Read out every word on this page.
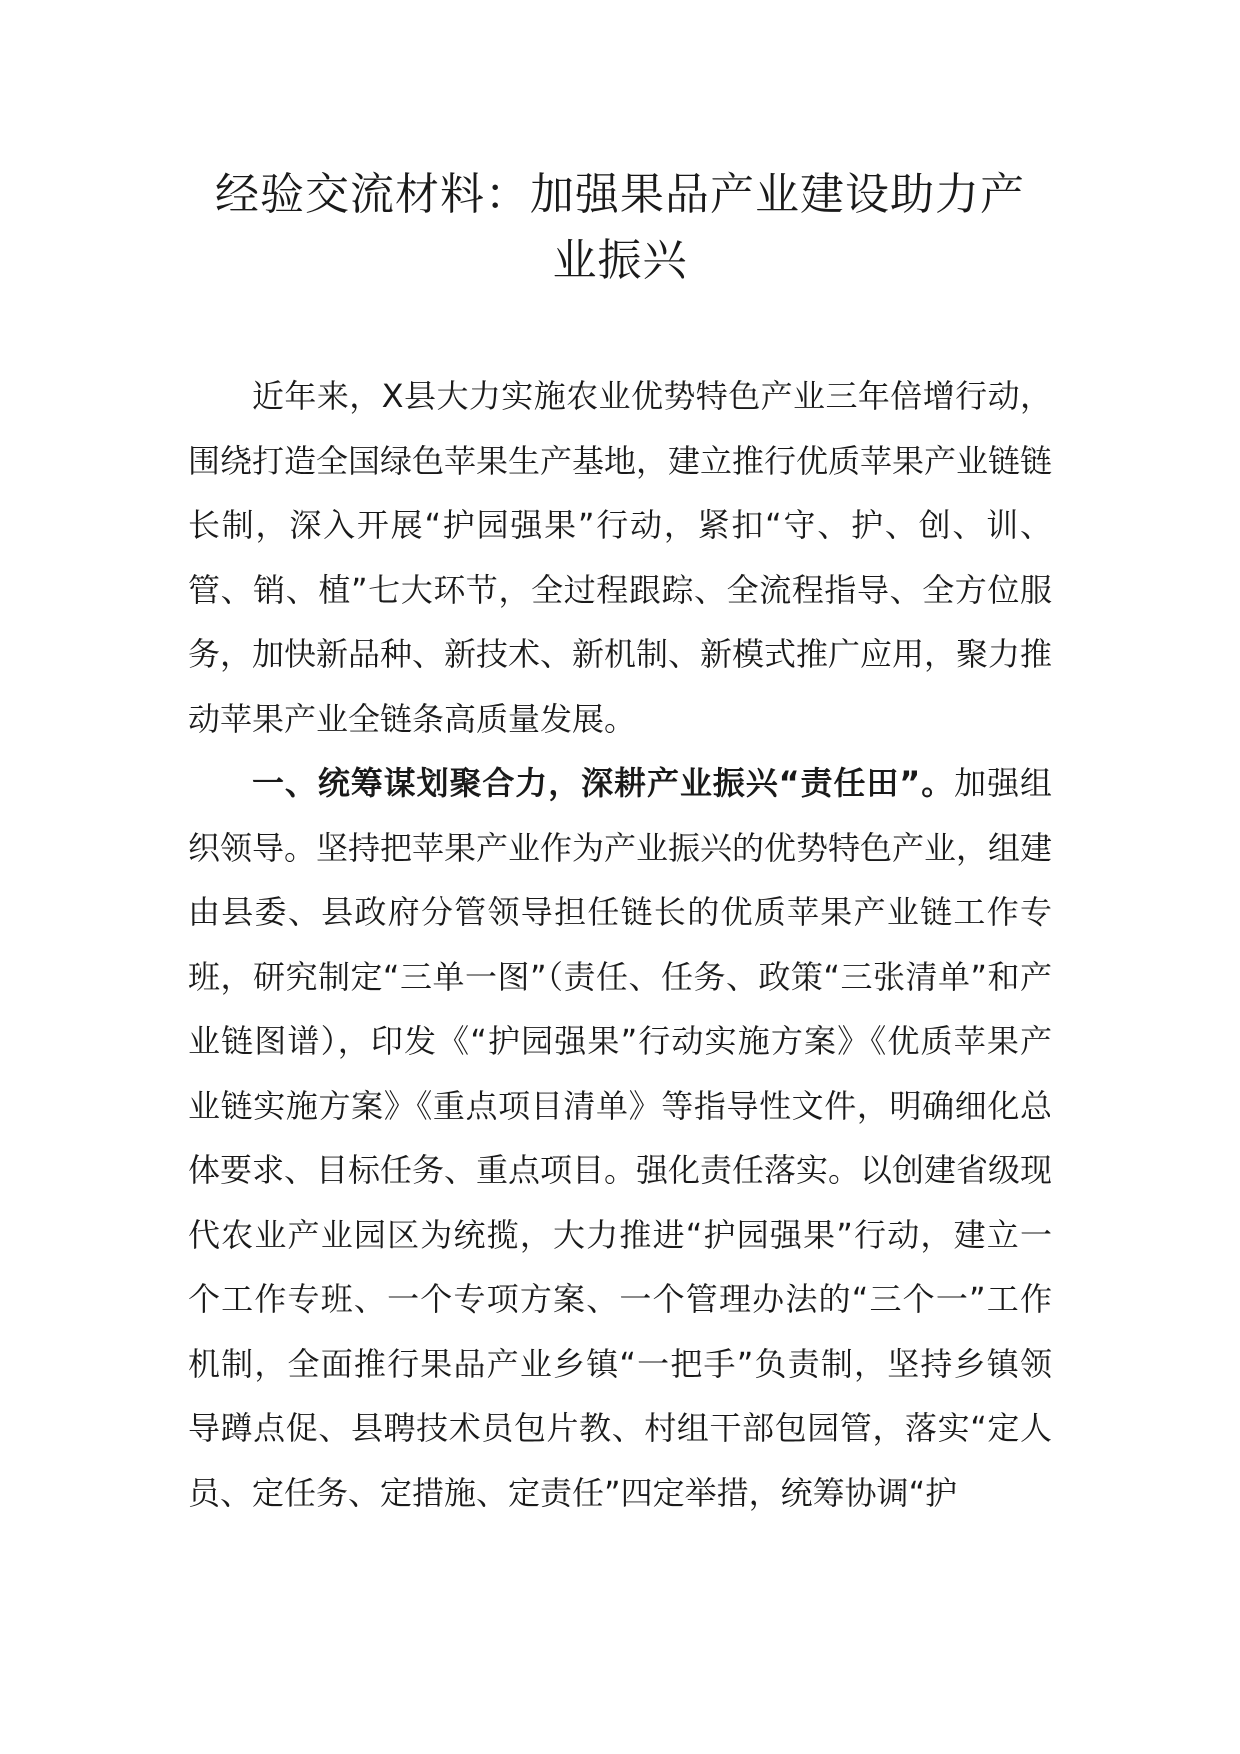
经验交流材料：加强果品产业建设助力产
业振兴

近年来，X县大力实施农业优势特色产业三年倍增行动，围绕打造全国绿色苹果生产基地，建立推行优质苹果产业链链长制，深入开展“护园强果”行动，紧扣“守、护、创、训、管、销、植”七大环节，全过程跟踪、全流程指导、全方位服务，加快新品种、新技术、新机制、新模式推广应用，聚力推动苹果产业全链条高质量发展。

一、统筹谋划聚合力，深耕产业振兴“责任田”。加强组织领导。坚持把苹果产业作为产业振兴的优势特色产业，组建由县委、县政府分管领导担任链长的优质苹果产业链工作专班，研究制定“三单一图”（责任、任务、政策“三张清单”和产业链图谱），印发《“护园强果”行动实施方案》《优质苹果产业链实施方案》《重点项目清单》等指导性文件，明确细化总体要求、目标任务、重点项目。强化责任落实。以创建省级现代农业产业园区为统揽，大力推进“护园强果”行动，建立一个工作专班、一个专项方案、一个管理办法的“三个一”工作机制，全面推行果品产业乡镇“一把手”负责制，坚持乡镇领导蹲点促、县聘技术员包片教、村组干部包园管，落实“定人员、定任务、定措施、定责任”四定举措，统筹协调“护
